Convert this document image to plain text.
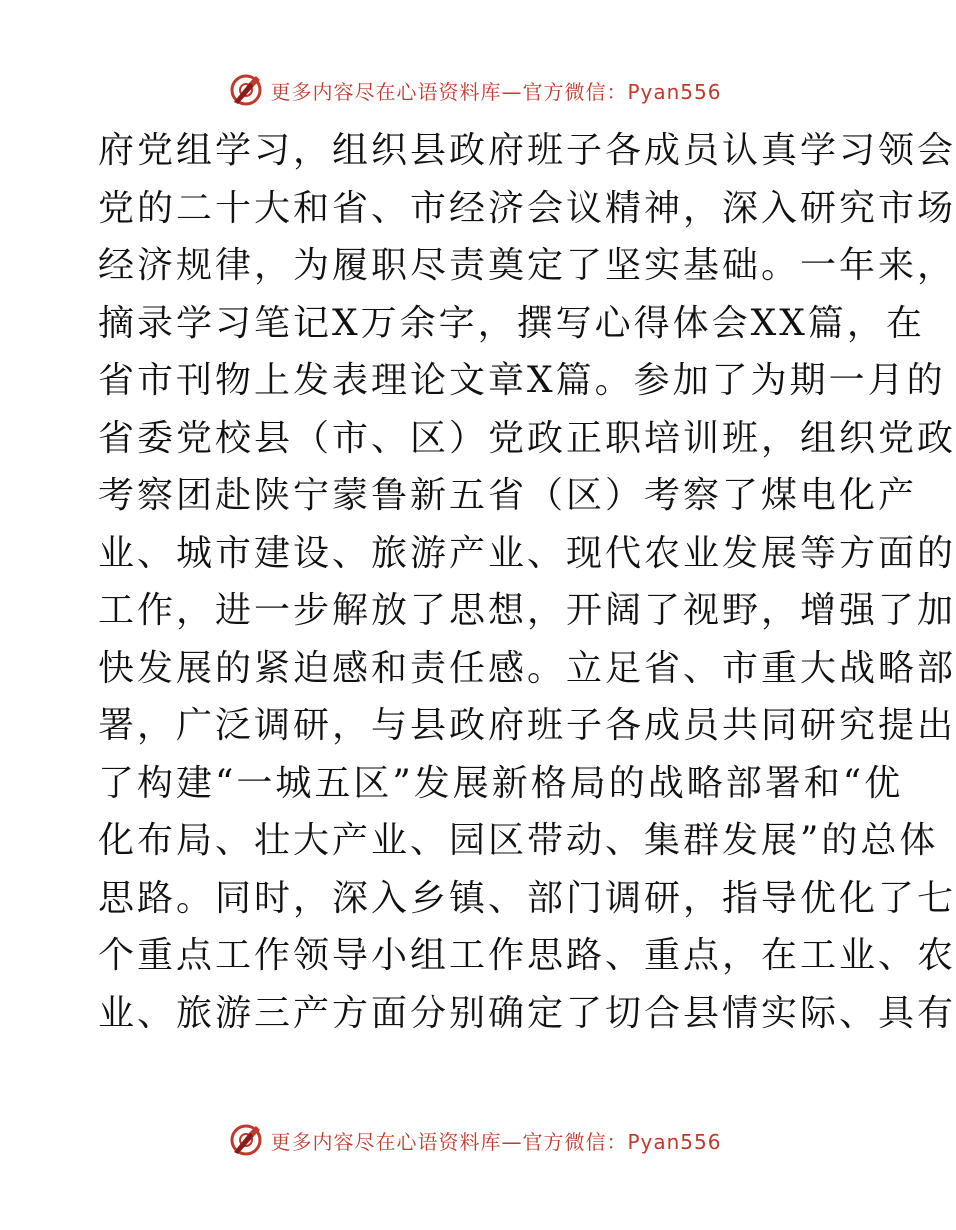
更多内容尽在心语资料库—官方微信：Pyan556
府党组学习，组织县政府班子各成员认真学习领会
党的二十大和省、市经济会议精神，深入研究市场
经济规律，为履职尽责奠定了坚实基础。一年来，
摘录学习笔记X万余字，撰写心得体会XX篇，在
省市刊物上发表理论文章X篇。参加了为期一月的
省委党校县（市、区）党政正职培训班，组织党政
考察团赴陕宁蒙鲁新五省（区）考察了煤电化产
业、城市建设、旅游产业、现代农业发展等方面的
工作，进一步解放了思想，开阔了视野，增强了加
快发展的紧迫感和责任感。立足省、市重大战略部
署，广泛调研，与县政府班子各成员共同研究提出
了构建“一城五区”发展新格局的战略部署和“优
化布局、壮大产业、园区带动、集群发展”的总体
思路。同时，深入乡镇、部门调研，指导优化了七
个重点工作领导小组工作思路、重点，在工业、农
业、旅游三产方面分别确定了切合县情实际、具有
更多内容尽在心语资料库—官方微信：Pyan556
